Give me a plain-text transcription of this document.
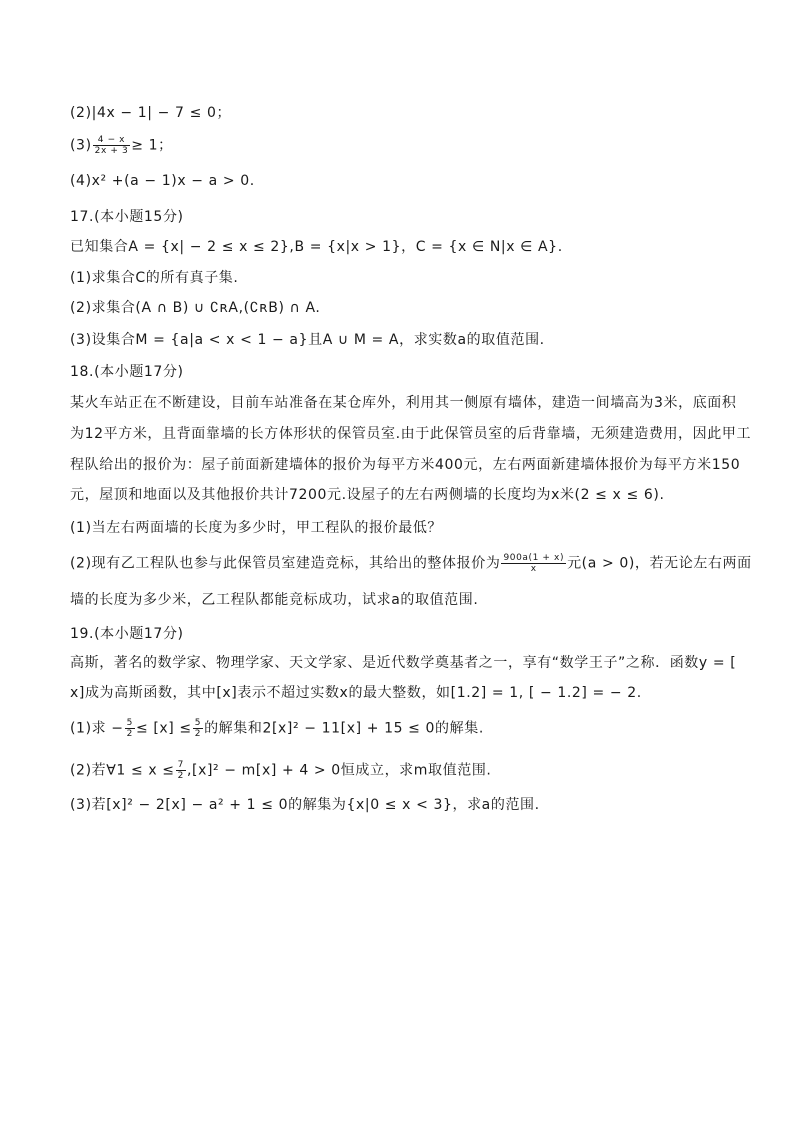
(2)|4x − 1| − 7 ≤ 0；
$(3) \frac{4 - x}{2x + 3} \ge 1$；
(4)x² +(a − 1)x − a > 0.
17.(本小题15分)
已知集合A = {x| − 2 ≤ x ≤ 2},B = {x|x > 1}，C = {x ∈ N|x ∈ A}.
(1)求集合C的所有真子集.
(2)求集合(A ∩ B) ∪ ∁ʀA,(∁ʀB) ∩ A.
(3)设集合M = {a|a < x < 1 − a}且A ∪ M = A，求实数a的取值范围.
18.(本小题17分)
某火车站正在不断建设，目前车站准备在某仓库外，利用其一侧原有墙体，建造一间墙高为3米，底面积
为12平方米，且背面靠墙的长方体形状的保管员室.由于此保管员室的后背靠墙，无须建造费用，因此甲工
程队给出的报价为：屋子前面新建墙体的报价为每平方米400元，左右两面新建墙体报价为每平方米150
元，屋顶和地面以及其他报价共计7200元.设屋子的左右两侧墙的长度均为x米(2 ≤ x ≤ 6).
(1)当左右两面墙的长度为多少时，甲工程队的报价最低？
(2)现有乙工程队也参与此保管员室建造竞标，其给出的整体报价为 $\frac{900a(1 + x)}{x}$ 元(a > 0)，若无论左右两面
墙的长度为多少米，乙工程队都能竞标成功，试求a的取值范围.
19.(本小题17分)
高斯，著名的数学家、物理学家、天文学家、是近代数学奠基者之一，享有“数学王子”之称．函数y = [
x]成为高斯函数，其中[x]表示不超过实数x的最大整数，如[1.2] = 1, [ − 1.2] = − 2.
(1)求 − $\frac{5}{2} \le [x] \le \frac{5}{2}$ 的解集和2[x]² − 11[x] + 15 ≤ 0的解集.
(2)若∀1 ≤ $x \le \frac{7}{2} ,[x]^2 - m[x] + 4 > 0$恒成立，求m取值范围.
(3)若[x]² − 2[x] − a² + 1 ≤ 0的解集为{x|0 ≤ x < 3}，求a的范围.
